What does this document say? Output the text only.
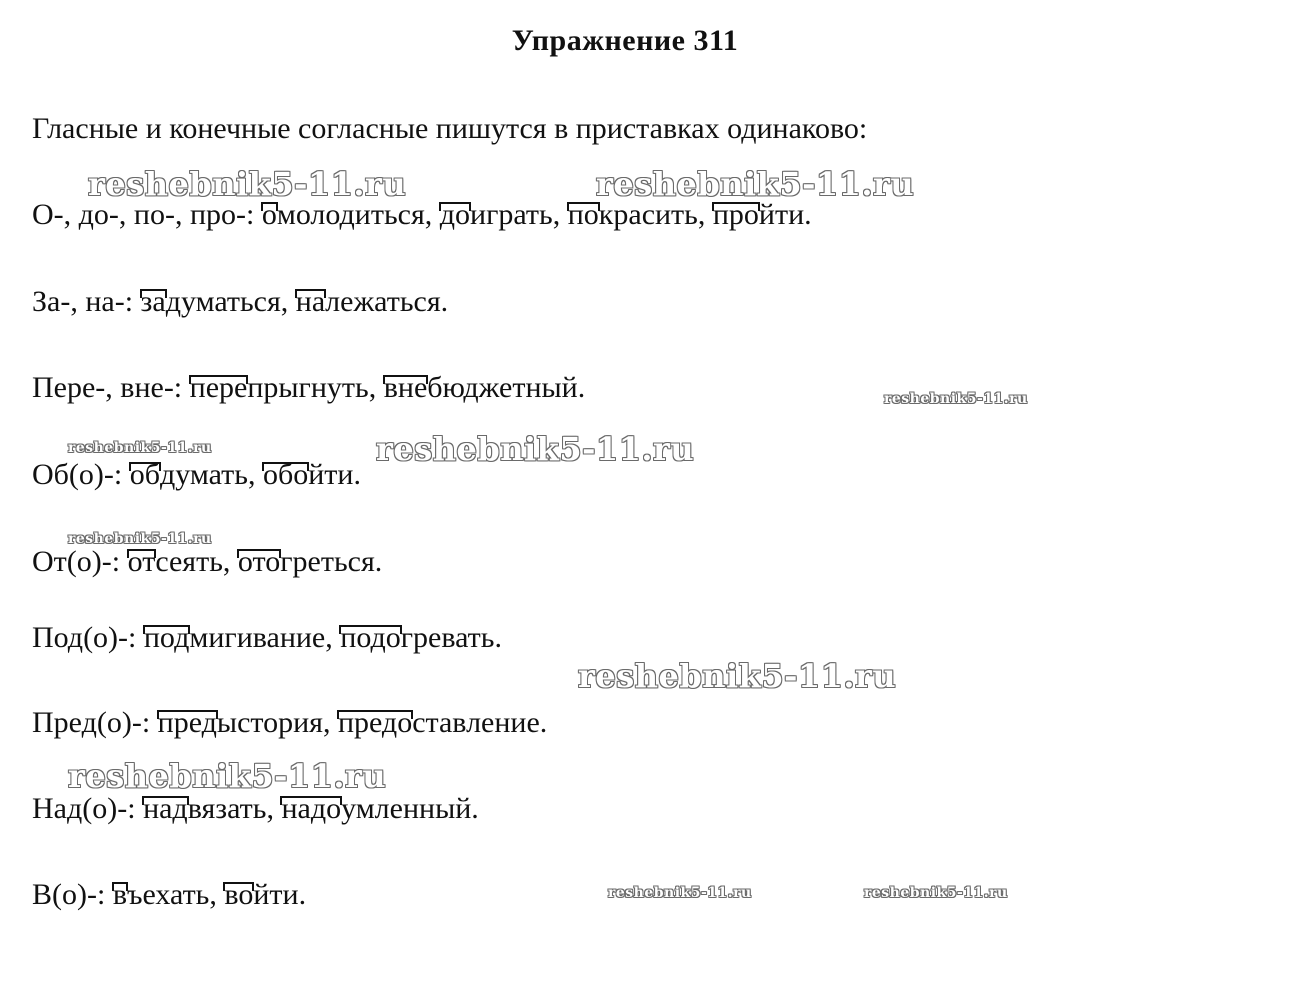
Упражнение 311
Гласные и конечные согласные пишутся в приставках одинаково:
О-, до-, по-, про-: омолодиться, доиграть, покрасить, пройти.
За-, на-: задуматься, належаться.
Пере-, вне-: перепрыгнуть, внебюджетный.
Об(о)-: обдумать, обойти.
От(о)-: отсеять, отогреться.
Под(о)-: подмигивание, подогревать.
Пред(о)-: предыстория, предоставление.
Над(о)-: надвязать, надоумленный.
В(о)-: въехать, войти.
reshebnik5-11.ru	reshebnik5-11.ru
reshebnik5-11.ru
reshebnik5-11.ru	reshebnik5-11.ru
reshebnik5-11.ru
reshebnik5-11.ru
reshebnik5-11.ru
reshebnik5-11.ru	reshebnik5-11.ru
